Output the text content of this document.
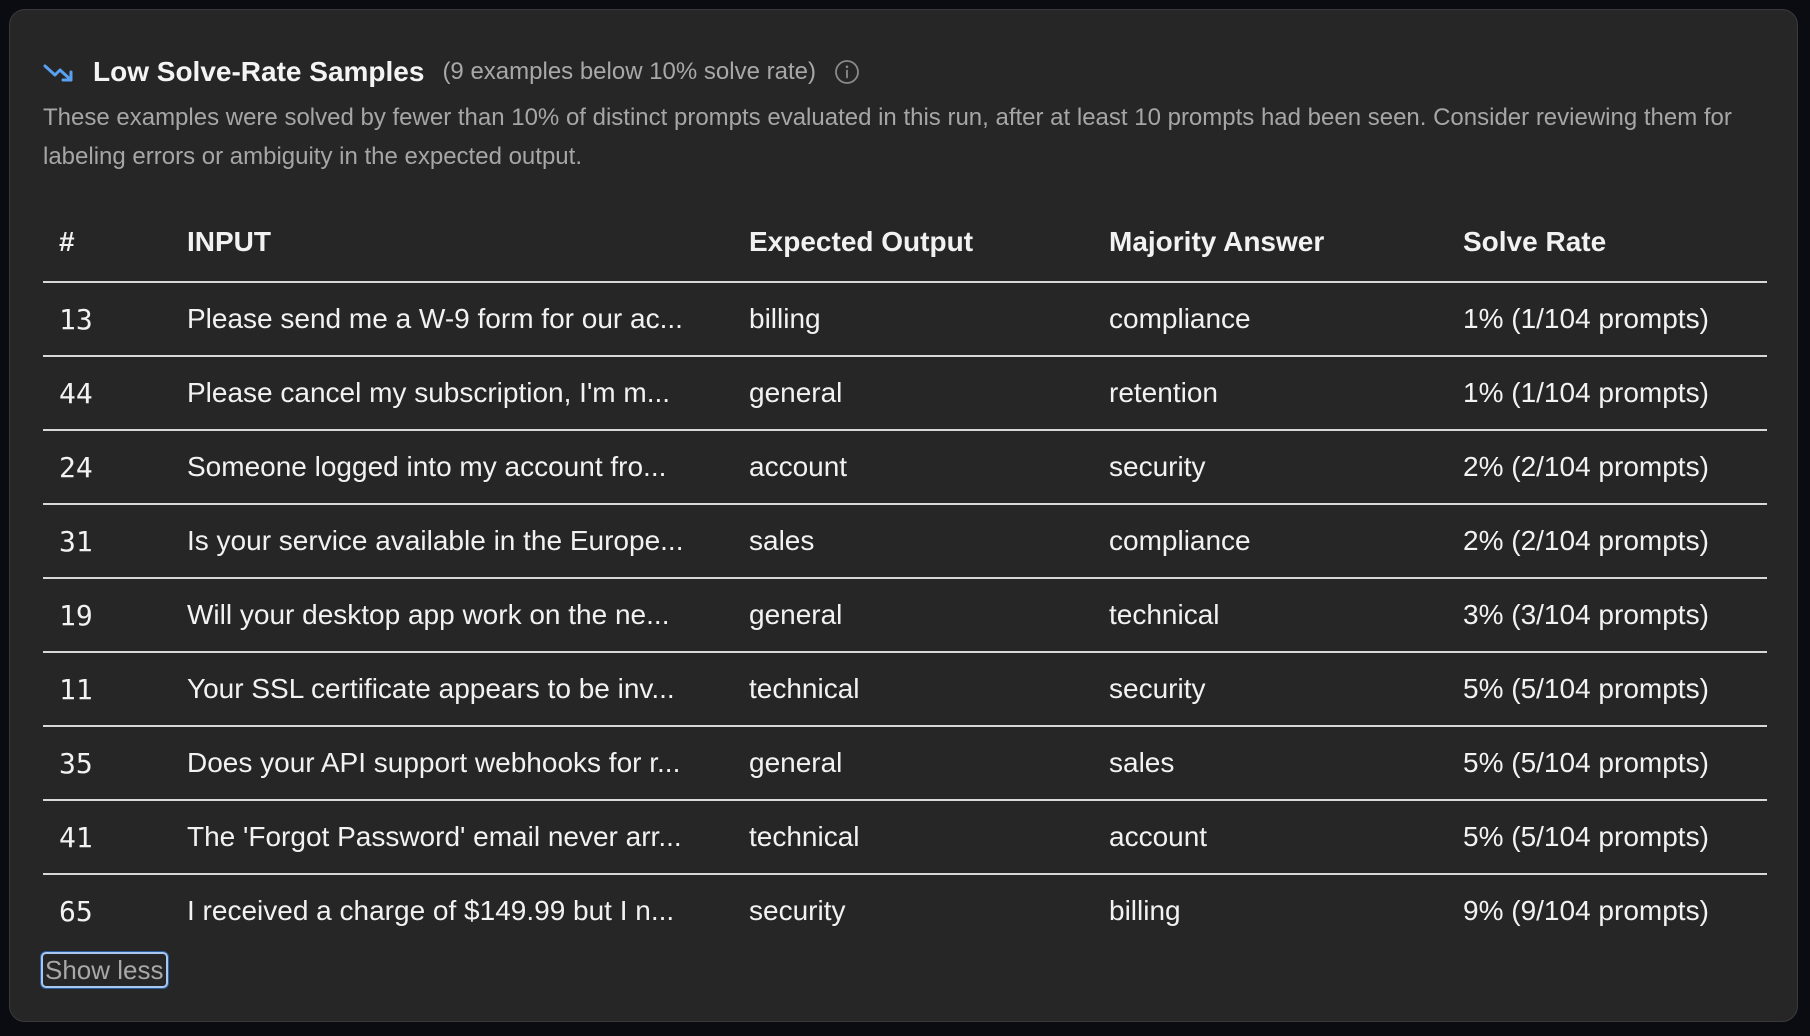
Low Solve-Rate Samples (9 examples below 10% solve rate)
These examples were solved by fewer than 10% of distinct prompts evaluated in this run, after at least 10 prompts had been seen. Consider reviewing them for labeling errors or ambiguity in the expected output.
#	INPUT	Expected Output	Majority Answer	Solve Rate
13	Please send me a W-9 form for our ac...	billing	compliance	1% (1/104 prompts)
44	Please cancel my subscription, I'm m...	general	retention	1% (1/104 prompts)
24	Someone logged into my account fro...	account	security	2% (2/104 prompts)
31	Is your service available in the Europe...	sales	compliance	2% (2/104 prompts)
19	Will your desktop app work on the ne...	general	technical	3% (3/104 prompts)
11	Your SSL certificate appears to be inv...	technical	security	5% (5/104 prompts)
35	Does your API support webhooks for r...	general	sales	5% (5/104 prompts)
41	The 'Forgot Password' email never arr...	technical	account	5% (5/104 prompts)
65	I received a charge of $149.99 but I n...	security	billing	9% (9/104 prompts)
Show less
